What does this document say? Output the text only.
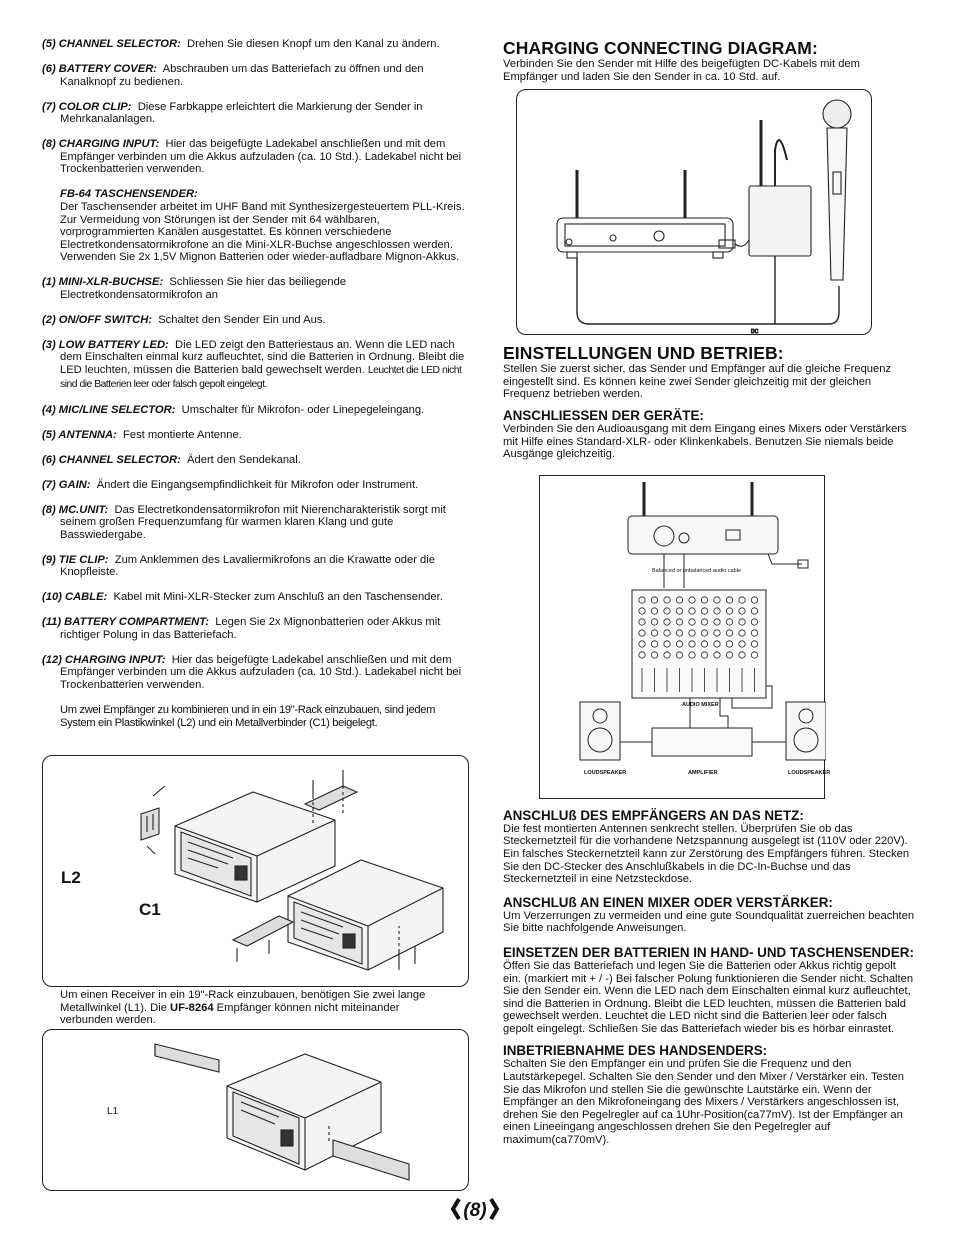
(5) CHANNEL SELECTOR: Drehen Sie diesen Knopf um den Kanal zu ändern.
(6) BATTERY COVER: Abschrauben um das Batteriefach zu öffnen und den Kanalknopf zu bedienen.
(7) COLOR CLIP: Diese Farbkappe erleichtert die Markierung der Sender in Mehrkanalanlagen.
(8) CHARGING INPUT: Hier das beigefügte Ladekabel anschließen und mit dem Empfänger verbinden um die Akkus aufzuladen (ca. 10 Std.). Ladekabel nicht bei Trockenbatterien verwenden.
FB-64 TASCHENSENDER:
Der Taschensender arbeitet im UHF Band mit Synthesizergesteuertem PLL-Kreis. Zur Vermeidung von Störungen ist der Sender mit 64 wählbaren, vorprogrammierten Kanälen ausgestattet. Es können verschiedene Electretkondensatormikrofone an die Mini-XLR-Buchse angeschlossen werden. Verwenden Sie 2x 1,5V Mignon Batterien oder wieder-aufladbare Mignon-Akkus.
(1) MINI-XLR-BUCHSE: Schliessen Sie hier das beiliegende Electretkondensatormikrofon an
(2) ON/OFF SWITCH: Schaltet den Sender Ein und Aus.
(3) LOW BATTERY LED: Die LED zeigt den Batteriestaus an. Wenn die LED nach dem Einschalten einmal kurz aufleuchtet, sind die Batterien in Ordnung. Bleibt die LED leuchten, müssen die Batterien bald gewechselt werden. Leuchtet die LED nicht sind die Batterien leer oder falsch gepolt eingelegt.
(4) MIC/LINE SELECTOR: Umschalter für Mikrofon- oder Linepegeleingang.
(5) ANTENNA: Fest montierte Antenne.
(6) CHANNEL SELECTOR: Ädert den Sendekanal.
(7) GAIN: Ändert die Eingangsempfindlichkeit für Mikrofon oder Instrument.
(8) MC.UNIT: Das Electretkondensatormikrofon mit Nierencharakteristik sorgt mit seinem großen Frequenzumfang für warmen klaren Klang und gute Basswiedergabe.
(9) TIE CLIP: Zum Anklemmen des Lavaliermikrofons an die Krawatte oder die Knopfleiste.
(10) CABLE: Kabel mit Mini-XLR-Stecker zum Anschluß an den Taschensender.
(11) BATTERY COMPARTMENT: Legen Sie 2x Mignonbatterien oder Akkus mit richtiger Polung in das Batteriefach.
(12) CHARGING INPUT: Hier das beigefügte Ladekabel anschließen und mit dem Empfänger verbinden um die Akkus aufzuladen (ca. 10 Std.). Ladekabel nicht bei Trockenbatterien verwenden.
Um zwei Empfänger zu kombinieren und in ein 19"-Rack einzubauen, sind jedem System ein Plastikwinkel (L2) und ein Metallverbinder (C1) beigelegt.
L2
C1
Um einen Receiver in ein 19"-Rack einzubauen, benötigen Sie zwei lange Metallwinkel (L1). Die UF-8264 Empfänger können nicht miteinander verbunden werden.
L1
CHARGING CONNECTING DIAGRAM:
Verbinden Sie den Sender mit Hilfe des beigefügten DC-Kabels mit dem Empfänger und laden Sie den Sender in ca. 10 Std. auf.
DC
EINSTELLUNGEN UND BETRIEB:
Stellen Sie zuerst sicher, das Sender und Empfänger auf die gleiche Frequenz eingestellt sind. Es können keine zwei Sender gleichzeitig mit der gleichen Frequenz betrieben werden.
ANSCHLIESSEN DER GERÄTE:
Verbinden Sie den Audioausgang mit dem Eingang eines Mixers oder Verstärkers mit Hilfe eines Standard-XLR- oder Klinkenkabels. Benutzen Sie niemals beide Ausgänge gleichzeitig.
Balanced or unbalanced audio cable
AUDIO MIXER
AMPLIFIER
LOUDSPEAKER	LOUDSPEAKER
ANSCHLUß DES EMPFÄNGERS AN DAS NETZ:
Die fest montierten Antennen senkrecht stellen. Überprüfen Sie ob das Steckernetzteil für die vorhandene Netzspannung ausgelegt ist (110V oder 220V). Ein falsches Steckernetzteil kann zur Zerstörung des Empfängers führen. Stecken Sie den DC-Stecker des Anschlußkabels in die DC-In-Buchse und das Steckernetzteil in eine Netzsteckdose.
ANSCHLUß AN EINEN MIXER ODER VERSTÄRKER:
Um Verzerrungen zu vermeiden und eine gute Soundqualität zuerreichen beachten Sie bitte nachfolgende Anweisungen.
EINSETZEN DER BATTERIEN IN HAND- UND TASCHENSENDER:
Öffen Sie das Batteriefach und legen Sie die Batterien oder Akkus richtig gepolt ein. (markiert mit + / -) Bei falscher Polung funktionieren die Sender nicht. Schalten Sie den Sender ein. Wenn die LED nach dem Einschalten einmal kurz aufleuchtet, sind die Batterien in Ordnung. Bleibt die LED leuchten, müssen die Batterien bald gewechselt werden. Leuchtet die LED nicht sind die Batterien leer oder falsch gepolt eingelegt. Schließen Sie das Batteriefach wieder bis es hörbar einrastet.
INBETRIEBNAHME DES HANDSENDERS:
Schalten Sie den Empfänger ein und prüfen Sie die Frequenz und den Lautstärkepegel. Schalten Sie den Sender und den Mixer / Verstärker ein. Testen Sie das Mikrofon und stellen Sie die gewünschte Lautstärke ein. Wenn der Empfänger an den Mikrofoneingang des Mixers / Verstärkers angeschlossen ist, drehen Sie den Pegelregler auf ca 1Uhr-Position(ca77mV). Ist der Empfänger an einen Lineeingang angeschlossen drehen Sie den Pegelregler auf maximum(ca770mV).
(8)
